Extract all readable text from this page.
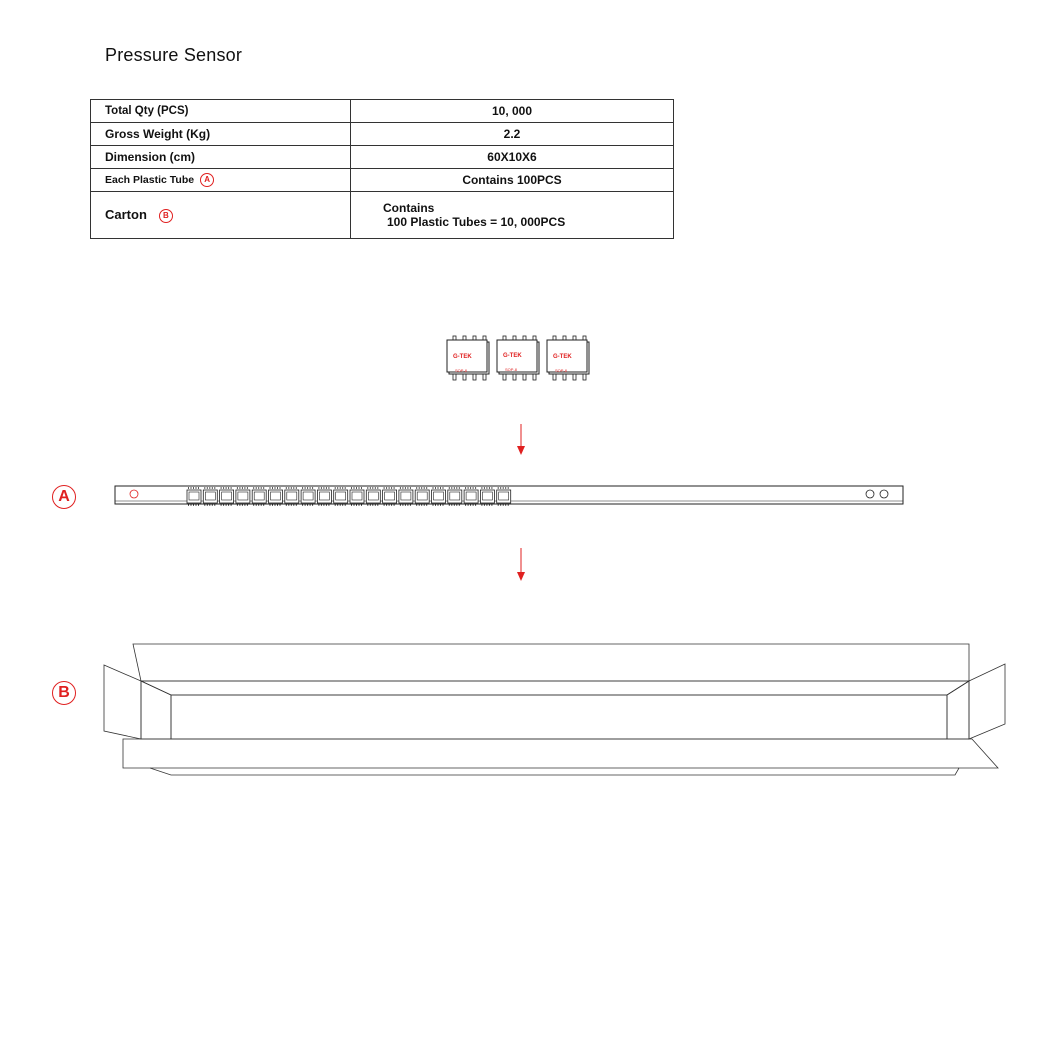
Pressure Sensor
Total Qty (PCS)	10, 000
Gross Weight (Kg)	2.2
Dimension (cm)	60X10X6
Each Plastic Tube A	Contains 100PCS
Carton B	Contains
100 Plastic Tubes = 10, 000PCS
G-TEK	G-TEK	G-TEK
SOP-8	SOP-8	SOP-8
A
B
